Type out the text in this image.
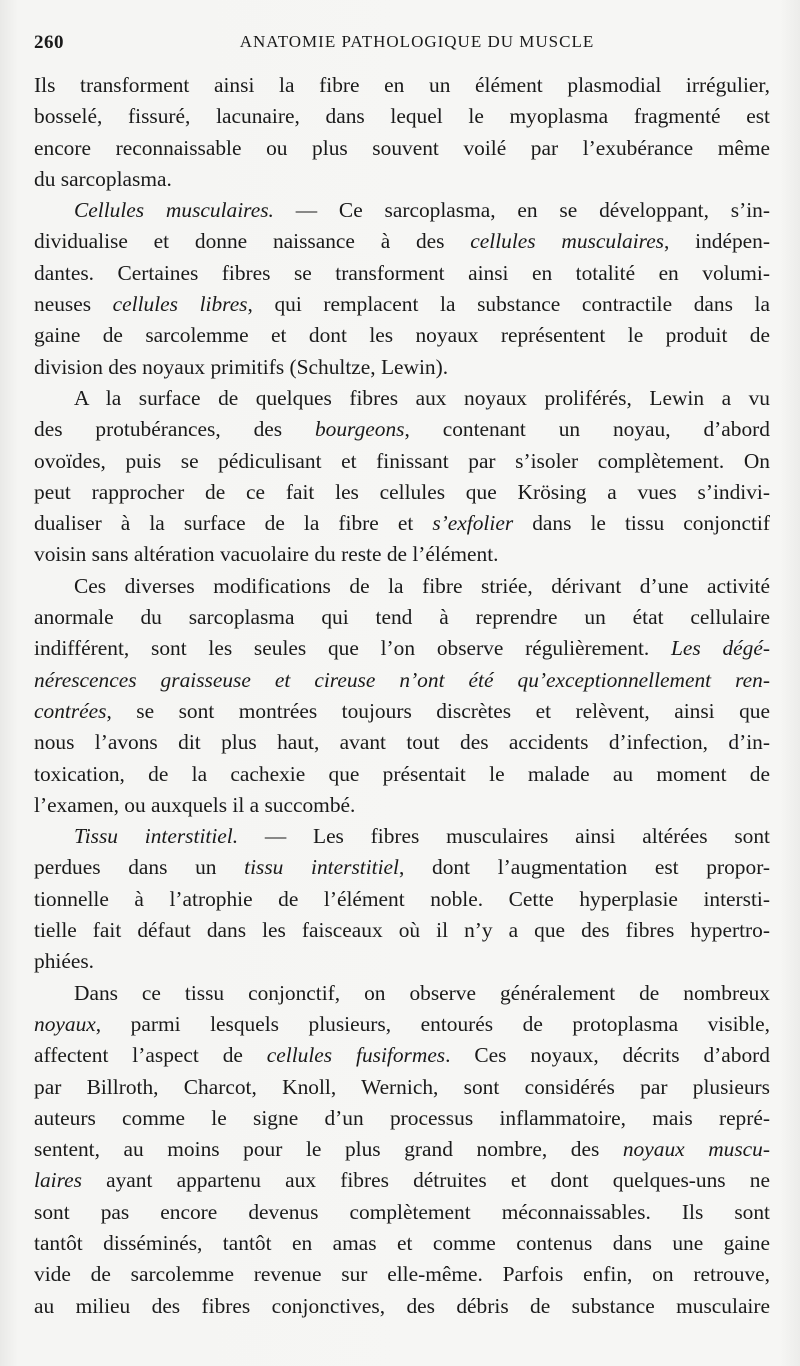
260	ANATOMIE PATHOLOGIQUE DU MUSCLE
Ils transforment ainsi la fibre en un élément plasmodial irrégulier,
bosselé, fissuré, lacunaire, dans lequel le myoplasma fragmenté est
encore reconnaissable ou plus souvent voilé par l’exubérance même
du sarcoplasma.
Cellules musculaires. — Ce sarcoplasma, en se développant, s’in-
dividualise et donne naissance à des cellules musculaires, indépen-
dantes. Certaines fibres se transforment ainsi en totalité en volumi-
neuses cellules libres, qui remplacent la substance contractile dans la
gaine de sarcolemme et dont les noyaux représentent le produit de
division des noyaux primitifs (Schultze, Lewin).
A la surface de quelques fibres aux noyaux proliférés, Lewin a vu
des protubérances, des bourgeons, contenant un noyau, d’abord
ovoïdes, puis se pédiculisant et finissant par s’isoler complètement. On
peut rapprocher de ce fait les cellules que Krösing a vues s’indivi-
dualiser à la surface de la fibre et s’exfolier dans le tissu conjonctif
voisin sans altération vacuolaire du reste de l’élément.
Ces diverses modifications de la fibre striée, dérivant d’une activité
anormale du sarcoplasma qui tend à reprendre un état cellulaire
indifférent, sont les seules que l’on observe régulièrement. Les dégé-
nérescences graisseuse et cireuse n’ont été qu’exceptionnellement ren-
contrées, se sont montrées toujours discrètes et relèvent, ainsi que
nous l’avons dit plus haut, avant tout des accidents d’infection, d’in-
toxication, de la cachexie que présentait le malade au moment de
l’examen, ou auxquels il a succombé.
Tissu interstitiel. — Les fibres musculaires ainsi altérées sont
perdues dans un tissu interstitiel, dont l’augmentation est propor-
tionnelle à l’atrophie de l’élément noble. Cette hyperplasie intersti-
tielle fait défaut dans les faisceaux où il n’y a que des fibres hypertro-
phiées.
Dans ce tissu conjonctif, on observe généralement de nombreux
noyaux, parmi lesquels plusieurs, entourés de protoplasma visible,
affectent l’aspect de cellules fusiformes. Ces noyaux, décrits d’abord
par Billroth, Charcot, Knoll, Wernich, sont considérés par plusieurs
auteurs comme le signe d’un processus inflammatoire, mais repré-
sentent, au moins pour le plus grand nombre, des noyaux muscu-
laires ayant appartenu aux fibres détruites et dont quelques-uns ne
sont pas encore devenus complètement méconnaissables. Ils sont
tantôt disséminés, tantôt en amas et comme contenus dans une gaine
vide de sarcolemme revenue sur elle-même. Parfois enfin, on retrouve,
au milieu des fibres conjonctives, des débris de substance musculaire
